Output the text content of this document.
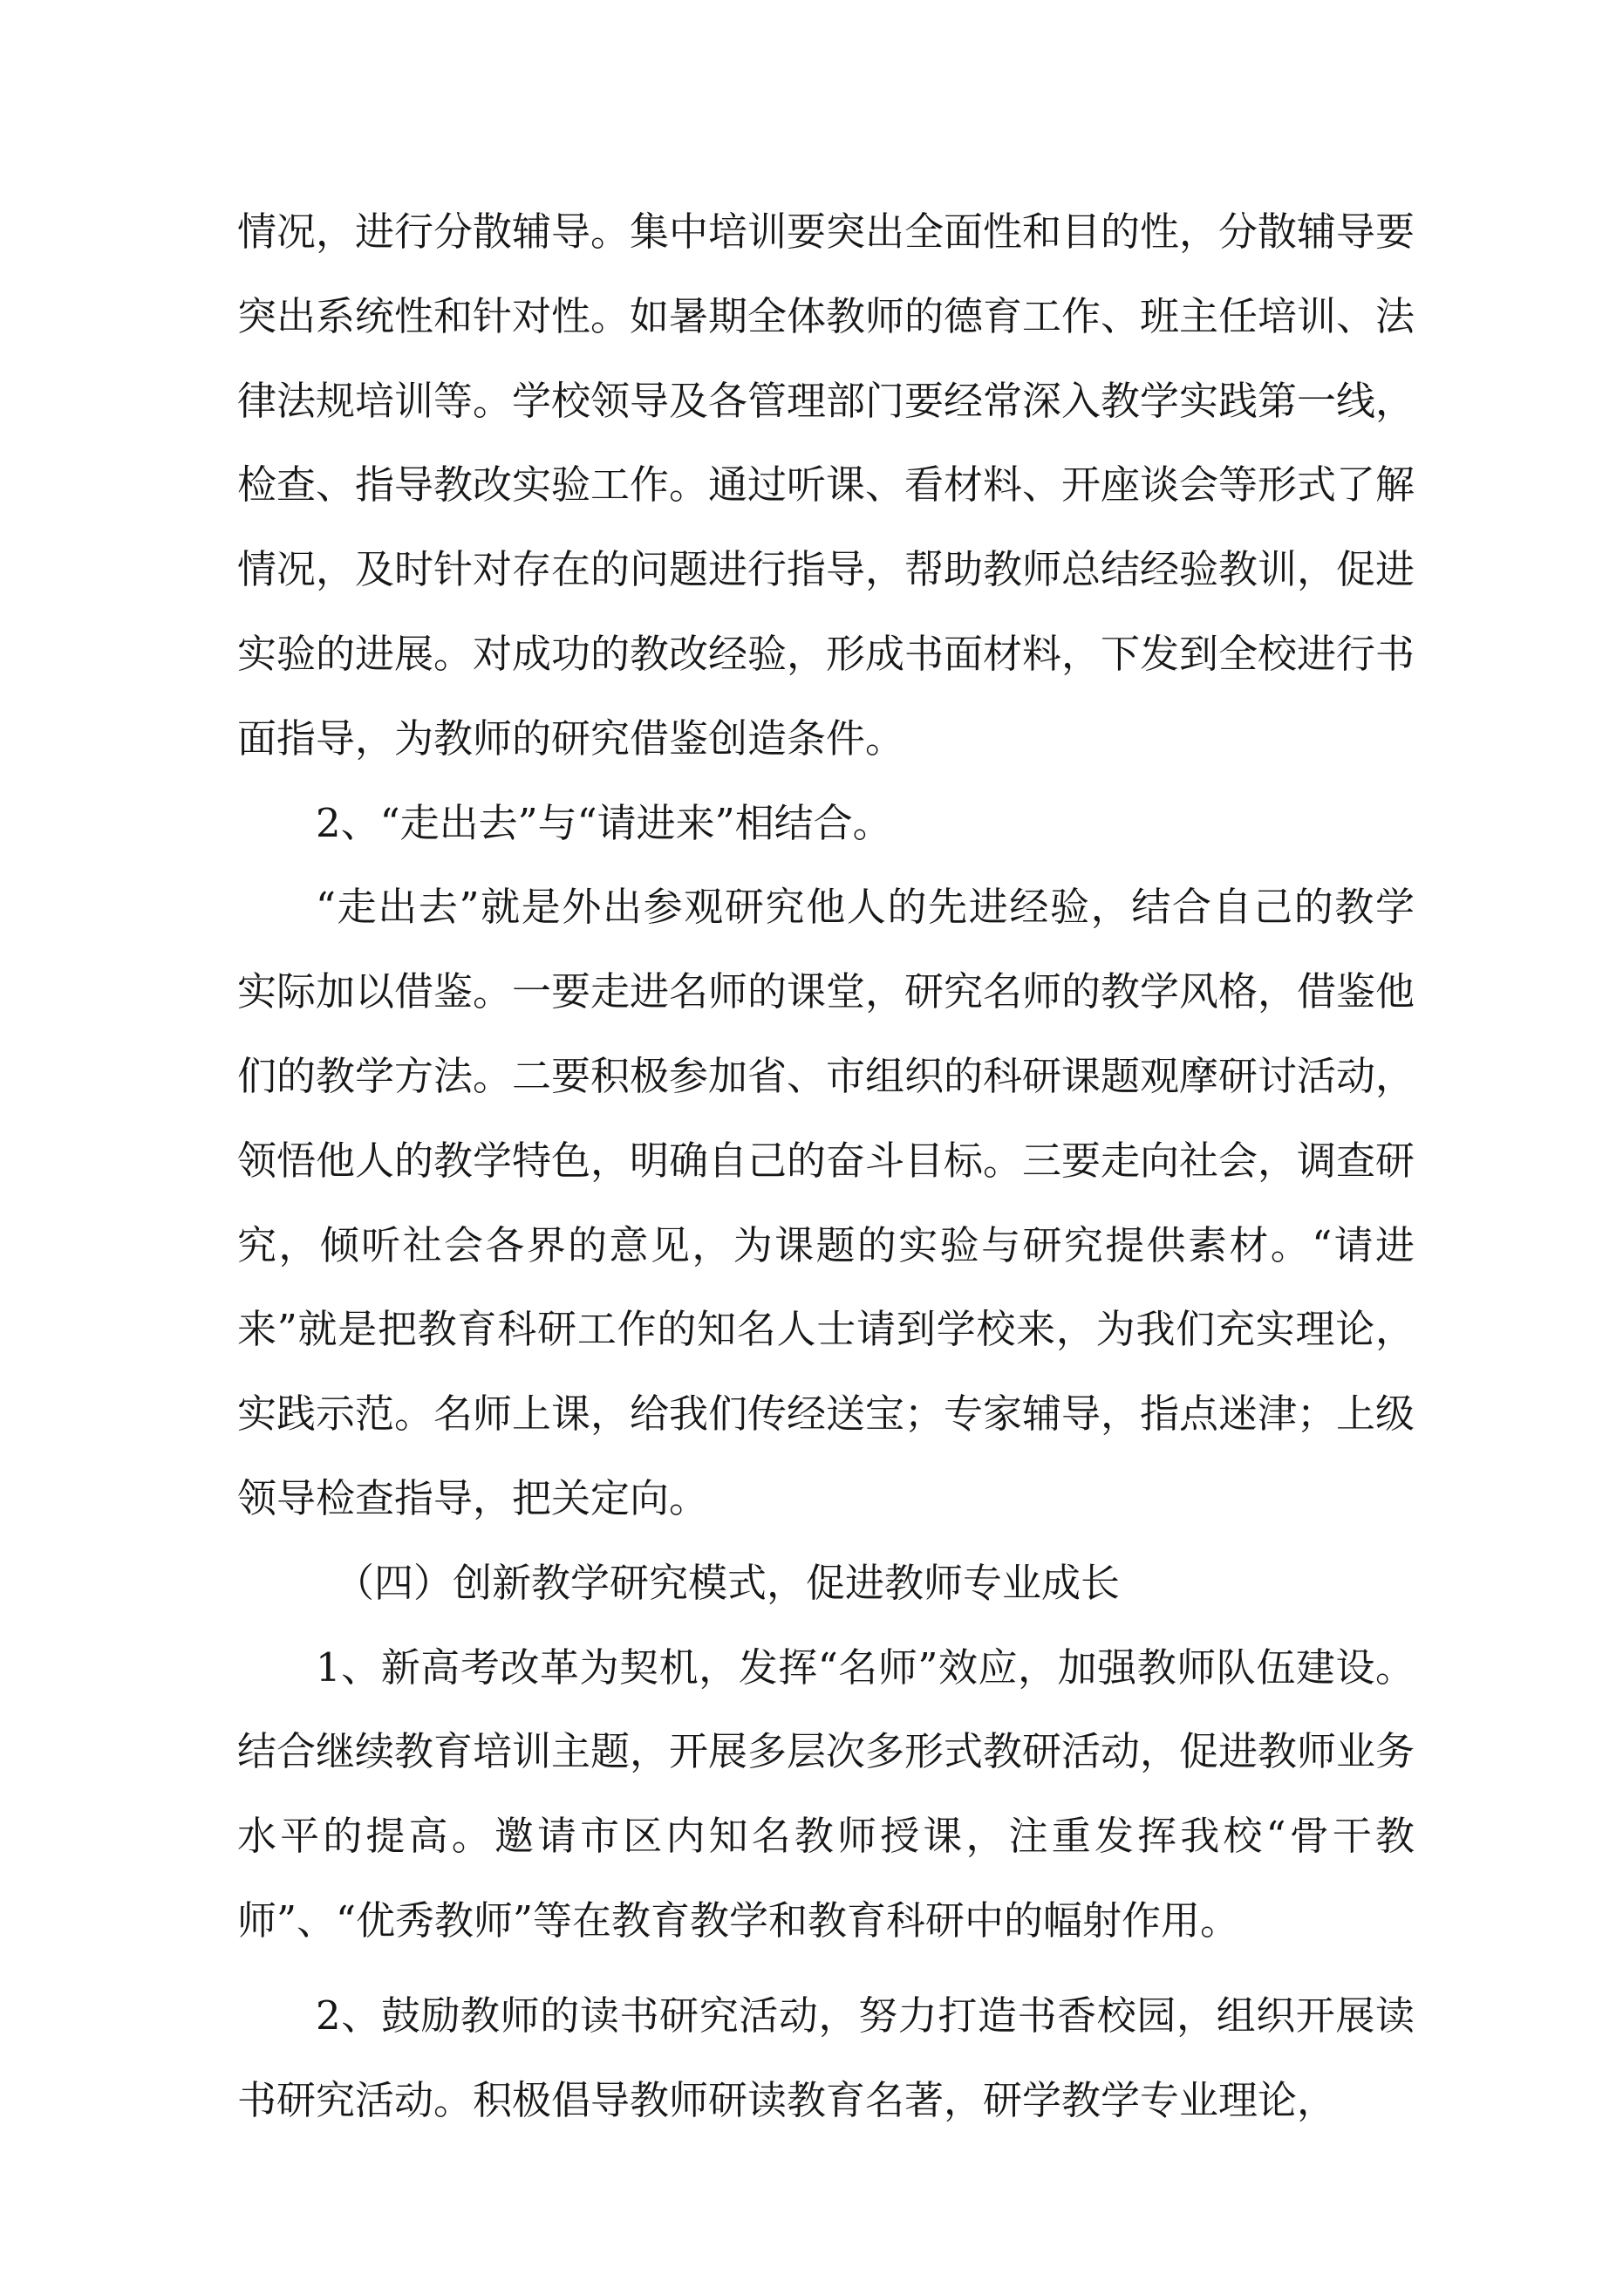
情况，进行分散辅导。集中培训要突出全面性和目的性，分散辅导要突出系统性和针对性。如暑期全体教师的德育工作、班主任培训、法律法规培训等。学校领导及各管理部门要经常深入教学实践第一线，检查、指导教改实验工作。通过听课、看材料、开座谈会等形式了解情况，及时针对存在的问题进行指导，帮助教师总结经验教训，促进实验的进展。对成功的教改经验，形成书面材料，下发到全校进行书面指导，为教师的研究借鉴创造条件。

2、“走出去”与“请进来”相结合。

“走出去”就是外出参观研究他人的先进经验，结合自己的教学实际加以借鉴。一要走进名师的课堂，研究名师的教学风格，借鉴他们的教学方法。二要积极参加省、市组织的科研课题观摩研讨活动，领悟他人的教学特色，明确自己的奋斗目标。三要走向社会，调查研究，倾听社会各界的意见，为课题的实验与研究提供素材。“请进来”就是把教育科研工作的知名人士请到学校来，为我们充实理论，实践示范。名师上课，给我们传经送宝；专家辅导，指点迷津；上级领导检查指导，把关定向。

（四）创新教学研究模式，促进教师专业成长

1、新高考改革为契机，发挥“名师”效应，加强教师队伍建设。结合继续教育培训主题，开展多层次多形式教研活动，促进教师业务水平的提高。邀请市区内知名教师授课，注重发挥我校“骨干教师”、“优秀教师”等在教育教学和教育科研中的幅射作用。

2、鼓励教师的读书研究活动，努力打造书香校园，组织开展读书研究活动。积极倡导教师研读教育名著，研学教学专业理论，
